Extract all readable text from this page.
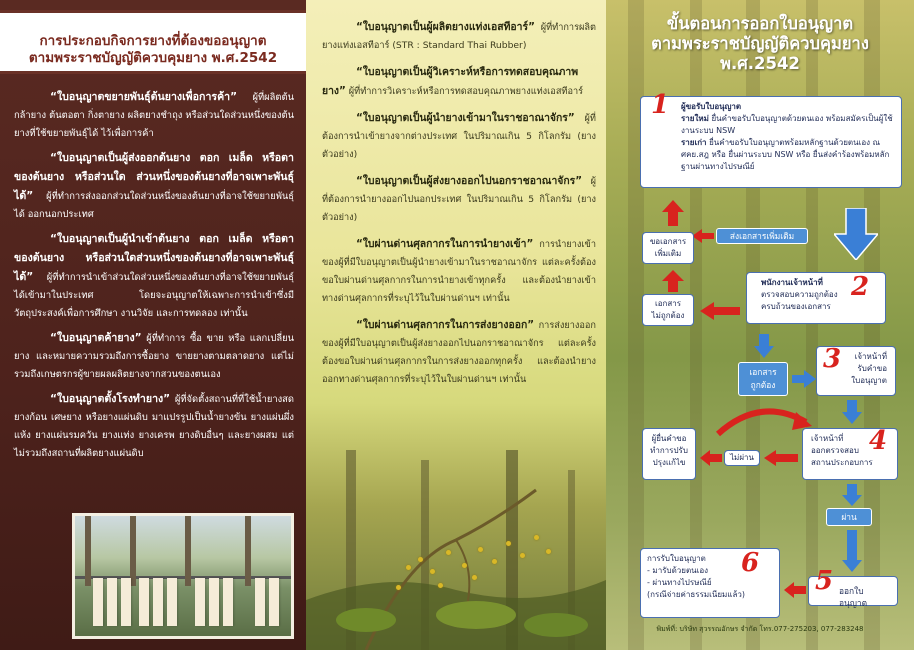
การประกอบกิจการยางที่ต้องขออนุญาต
ตามพระราชบัญญัติควบคุมยาง พ.ศ.2542

“ใบอนุญาตขยายพันธุ์ต้นยางเพื่อการค้า” ผู้ที่ผลิตต้นกล้ายาง ต้นตอตา กิ่งตายาง ผลิตยางชำถุง หรือส่วนใดส่วนหนึ่งของต้นยางที่ใช้ขยายพันธุ์ได้ ไว้เพื่อการค้า

“ใบอนุญาตเป็นผู้ส่งออกต้นยาง ตอก เมล็ด หรือตาของต้นยาง หรือส่วนใด ส่วนหนึ่งของต้นยางที่อาจเพาะพันธุ์ได้” ผู้ที่ทำการส่งออกส่วนใดส่วนหนึ่งของต้นยางที่อาจใช้ขยายพันธุ์ได้ ออกนอกประเทศ

“ใบอนุญาตเป็นผู้นำเข้าต้นยาง ตอก เมล็ด หรือตาของต้นยาง หรือส่วนใดส่วนหนึ่งของต้นยางที่อาจเพาะพันธุ์ได้” ผู้ที่ทำการนำเข้าส่วนใดส่วนหนึ่งของต้นยางที่อาจใช้ขยายพันธุ์ได้เข้ามาในประเทศ โดยจะอนุญาตให้เฉพาะการนำเข้าซึ่งมีวัตถุประสงค์เพื่อการศึกษา งานวิจัย และการทดลอง เท่านั้น

“ใบอนุญาตค้ายาง” ผู้ที่ทำการ ซื้อ ขาย หรือ แลกเปลี่ยนยาง และหมายความรวมถึงการซื้อยาง ขายยางตามตลาดยาง แต่ไม่รวมถึงเกษตรกรผู้ขายผลผลิตยางจากสวนของตนเอง

“ใบอนุญาตตั้งโรงทำยาง” ผู้ที่จัดตั้งสถานที่ที่ใช้น้ำยางสด ยางก้อน เศษยาง หรือยางแผ่นดิบ มาแปรรูปเป็นน้ำยางข้น ยางแผ่นผึ่งแห้ง ยางแผ่นรมควัน ยางแท่ง ยางเครพ ยางดิบอื่นๆ และยางผสม แต่ไม่รวมถึงสถานที่ผลิตยางแผ่นดิบ

“ใบอนุญาตเป็นผู้ผลิตยางแท่งเอสทีอาร์” ผู้ที่ทำการผลิตยางแท่งเอสทีอาร์ (STR : Standard Thai Rubber)

“ใบอนุญาตเป็นผู้วิเคราะห์หรือการทดสอบคุณภาพยาง” ผู้ที่ทำการวิเคราะห์หรือการทดสอบคุณภาพยางแท่งเอสทีอาร์

“ใบอนุญาตเป็นผู้นำยางเข้ามาในราชอาณาจักร” ผู้ที่ต้องการนำเข้ายางจากต่างประเทศ ในปริมาณเกิน 5 กิโลกรัม (ยางตัวอย่าง)

“ใบอนุญาตเป็นผู้ส่งยางออกไปนอกราชอาณาจักร” ผู้ที่ต้องการนำยางออกไปนอกประเทศ ในปริมาณเกิน 5 กิโลกรัม (ยางตัวอย่าง)

“ใบผ่านด่านศุลกากรในการนำยางเข้า” การนำยางเข้าของผู้ที่มีใบอนุญาตเป็นผู้นำยางเข้ามาในราชอาณาจักร แต่ละครั้งต้องขอใบผ่านด่านศุลกากรในการนำยางเข้าทุกครั้ง และต้องนำยางเข้าทางด่านศุลกากรที่ระบุไว้ในใบผ่านด่านฯ เท่านั้น

“ใบผ่านด่านศุลกากรในการส่งยางออก” การส่งยางออก ของผู้ที่มีใบอนุญาตเป็นผู้ส่งยางออกไปนอกราชอาณาจักร แต่ละครั้งต้องขอใบผ่านด่านศุลกากรในการส่งยางออกทุกครั้ง และต้องนำยางออกทางด่านศุลกากรที่ระบุไว้ในใบผ่านด่านฯ เท่านั้น

ขั้นตอนการออกใบอนุญาต
ตามพระราชบัญญัติควบคุมยาง
พ.ศ.2542
1 ผู้ขอรับใบอนุญาต
รายใหม่ ยื่นคำขอรับใบอนุญาตด้วยตนเอง พร้อมสมัครเป็นผู้ใช้งานระบบ NSW
รายเก่า ยื่นคำขอรับใบอนุญาตพร้อมหลักฐานด้วยตนเอง ณ ศคย.สฎ หรือ ยื่นผ่านระบบ NSW หรือ ยื่นส่งคำร้องพร้อมหลักฐานผ่านทางไปรษณีย์
ส่งเอกสารเพิ่มเติม
ขอเอกสาร
เพิ่มเติม
เอกสาร
ไม่ถูกต้อง
พนักงานเจ้าหน้าที่
ตรวจสอบความถูกต้อง
ครบถ้วนของเอกสาร
2
เอกสาร
ถูกต้อง
3	เจ้าหน้าที่
รับคำขอ
ใบอนุญาต
ผู้ยื่นคำขอ
ทำการปรับ
ปรุงแก้ไข
ไม่ผ่าน
เจ้าหน้าที่
ออกตรวจสอบ
สถานประกอบการ
4
ผ่าน
การรับใบอนุญาต
- มารับด้วยตนเอง
- ผ่านทางไปรษณีย์
(กรณีจ่ายค่าธรรมเนียมแล้ว)
6
5 ออกใบอนุญาต
พิมพ์ที่: บริษัท สุวรรณอักษร จำกัด โทร.077-275203, 077-283248
